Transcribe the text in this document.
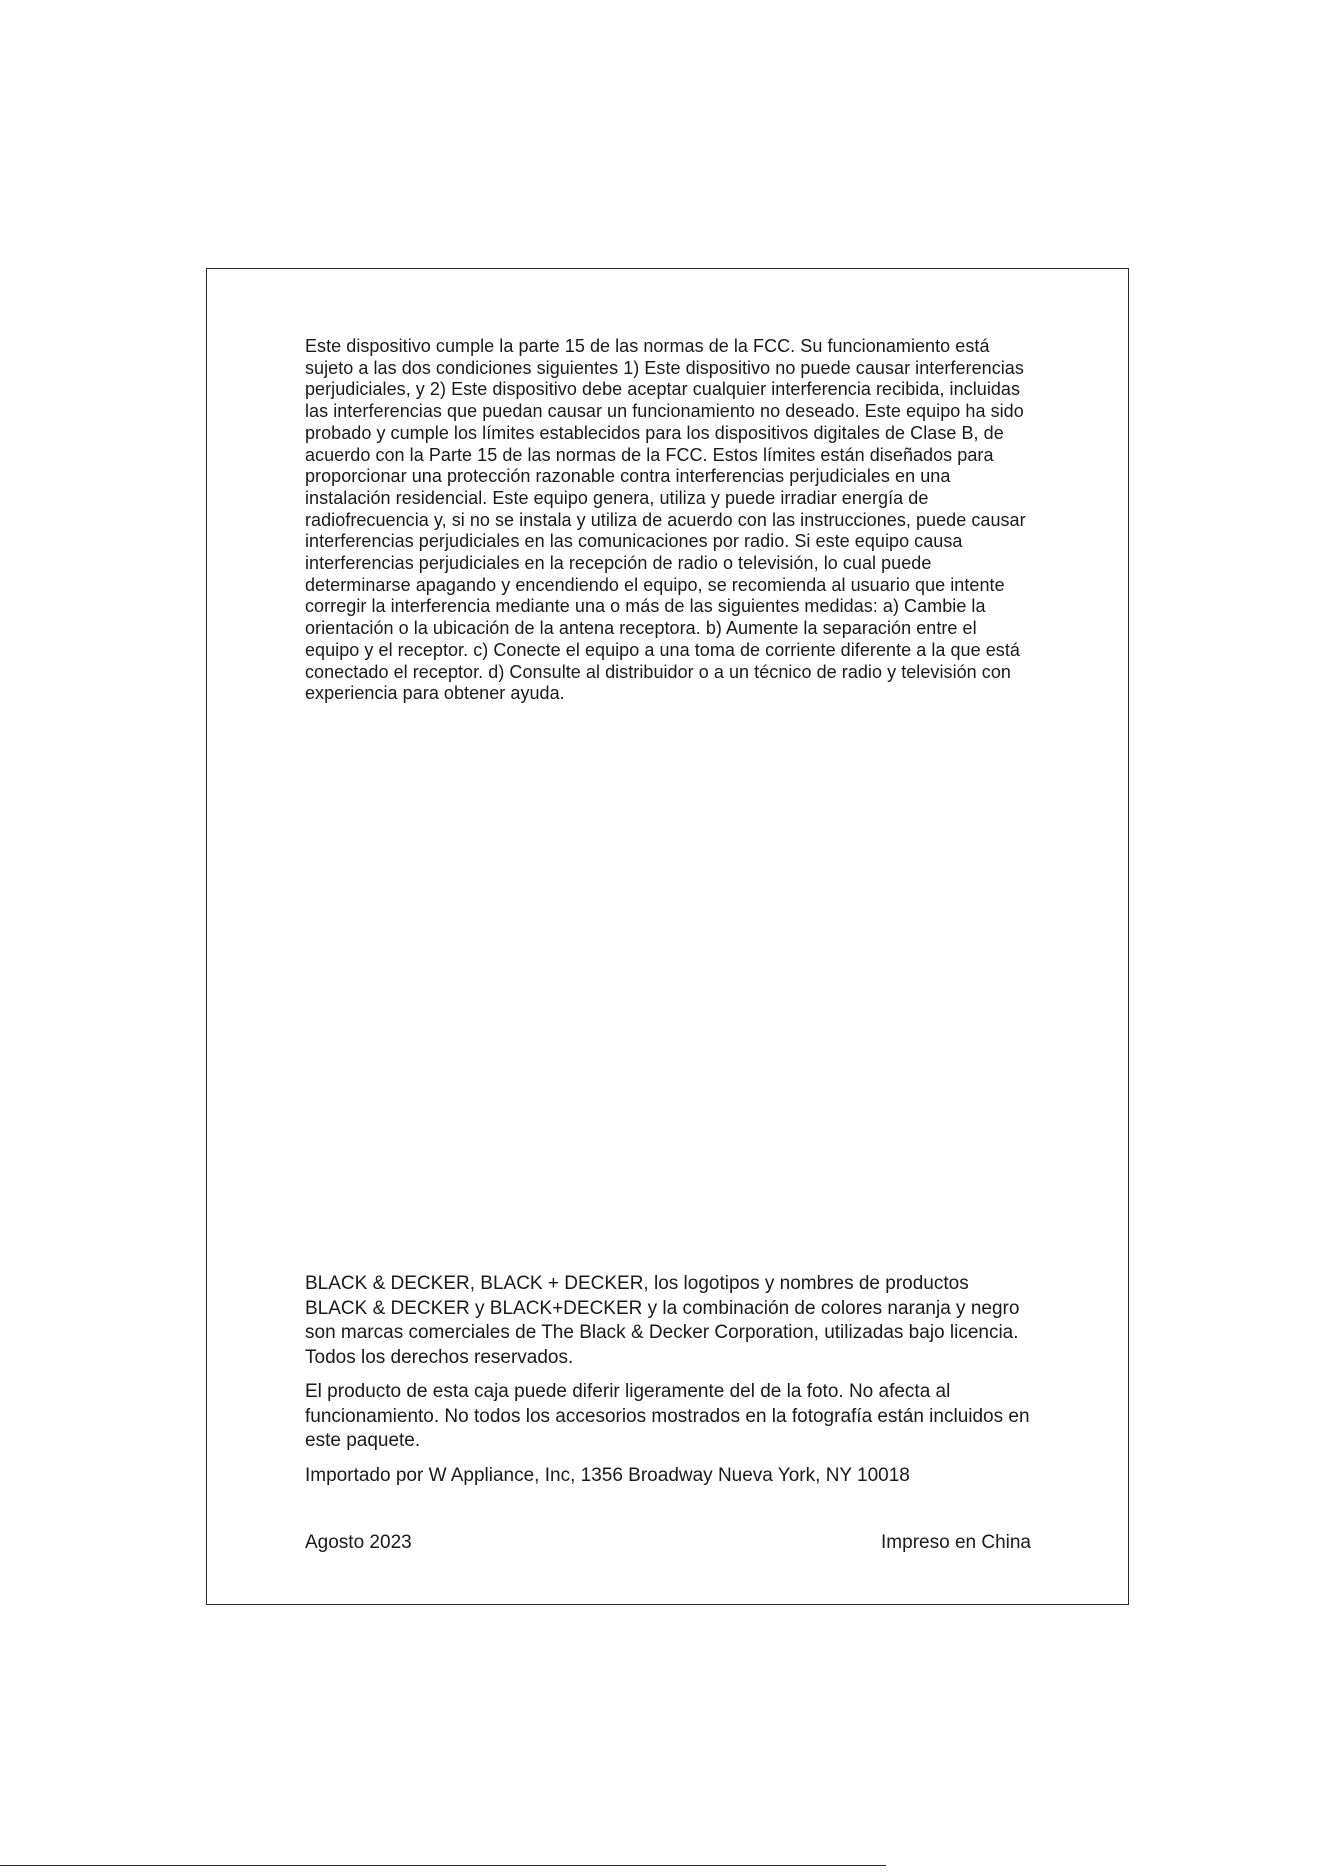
Este dispositivo cumple la parte 15 de las normas de la FCC. Su funcionamiento está sujeto a las dos condiciones siguientes 1) Este dispositivo no puede causar interferencias perjudiciales, y 2) Este dispositivo debe aceptar cualquier interferencia recibida, incluidas las interferencias que puedan causar un funcionamiento no deseado. Este equipo ha sido probado y cumple los límites establecidos para los dispositivos digitales de Clase B, de acuerdo con la Parte 15 de las normas de la FCC. Estos límites están diseñados para proporcionar una protección razonable contra interferencias perjudiciales en una instalación residencial. Este equipo genera, utiliza y puede irradiar energía de radiofrecuencia y, si no se instala y utiliza de acuerdo con las instrucciones, puede causar interferencias perjudiciales en las comunicaciones por radio. Si este equipo causa interferencias perjudiciales en la recepción de radio o televisión, lo cual puede determinarse apagando y encendiendo el equipo, se recomienda al usuario que intente corregir la interferencia mediante una o más de las siguientes medidas: a) Cambie la orientación o la ubicación de la antena receptora. b) Aumente la separación entre el equipo y el receptor. c) Conecte el equipo a una toma de corriente diferente a la que está conectado el receptor. d) Consulte al distribuidor o a un técnico de radio y televisión con experiencia para obtener ayuda.

BLACK & DECKER, BLACK + DECKER, los logotipos y nombres de productos BLACK & DECKER y BLACK+DECKER y la combinación de colores naranja y negro son marcas comerciales de The Black & Decker Corporation, utilizadas bajo licencia. Todos los derechos reservados.

El producto de esta caja puede diferir ligeramente del de la foto. No afecta al funcionamiento. No todos los accesorios mostrados en la fotografía están incluidos en este paquete.

Importado por W Appliance, Inc, 1356 Broadway Nueva York, NY 10018

Agosto 2023	Impreso en China
